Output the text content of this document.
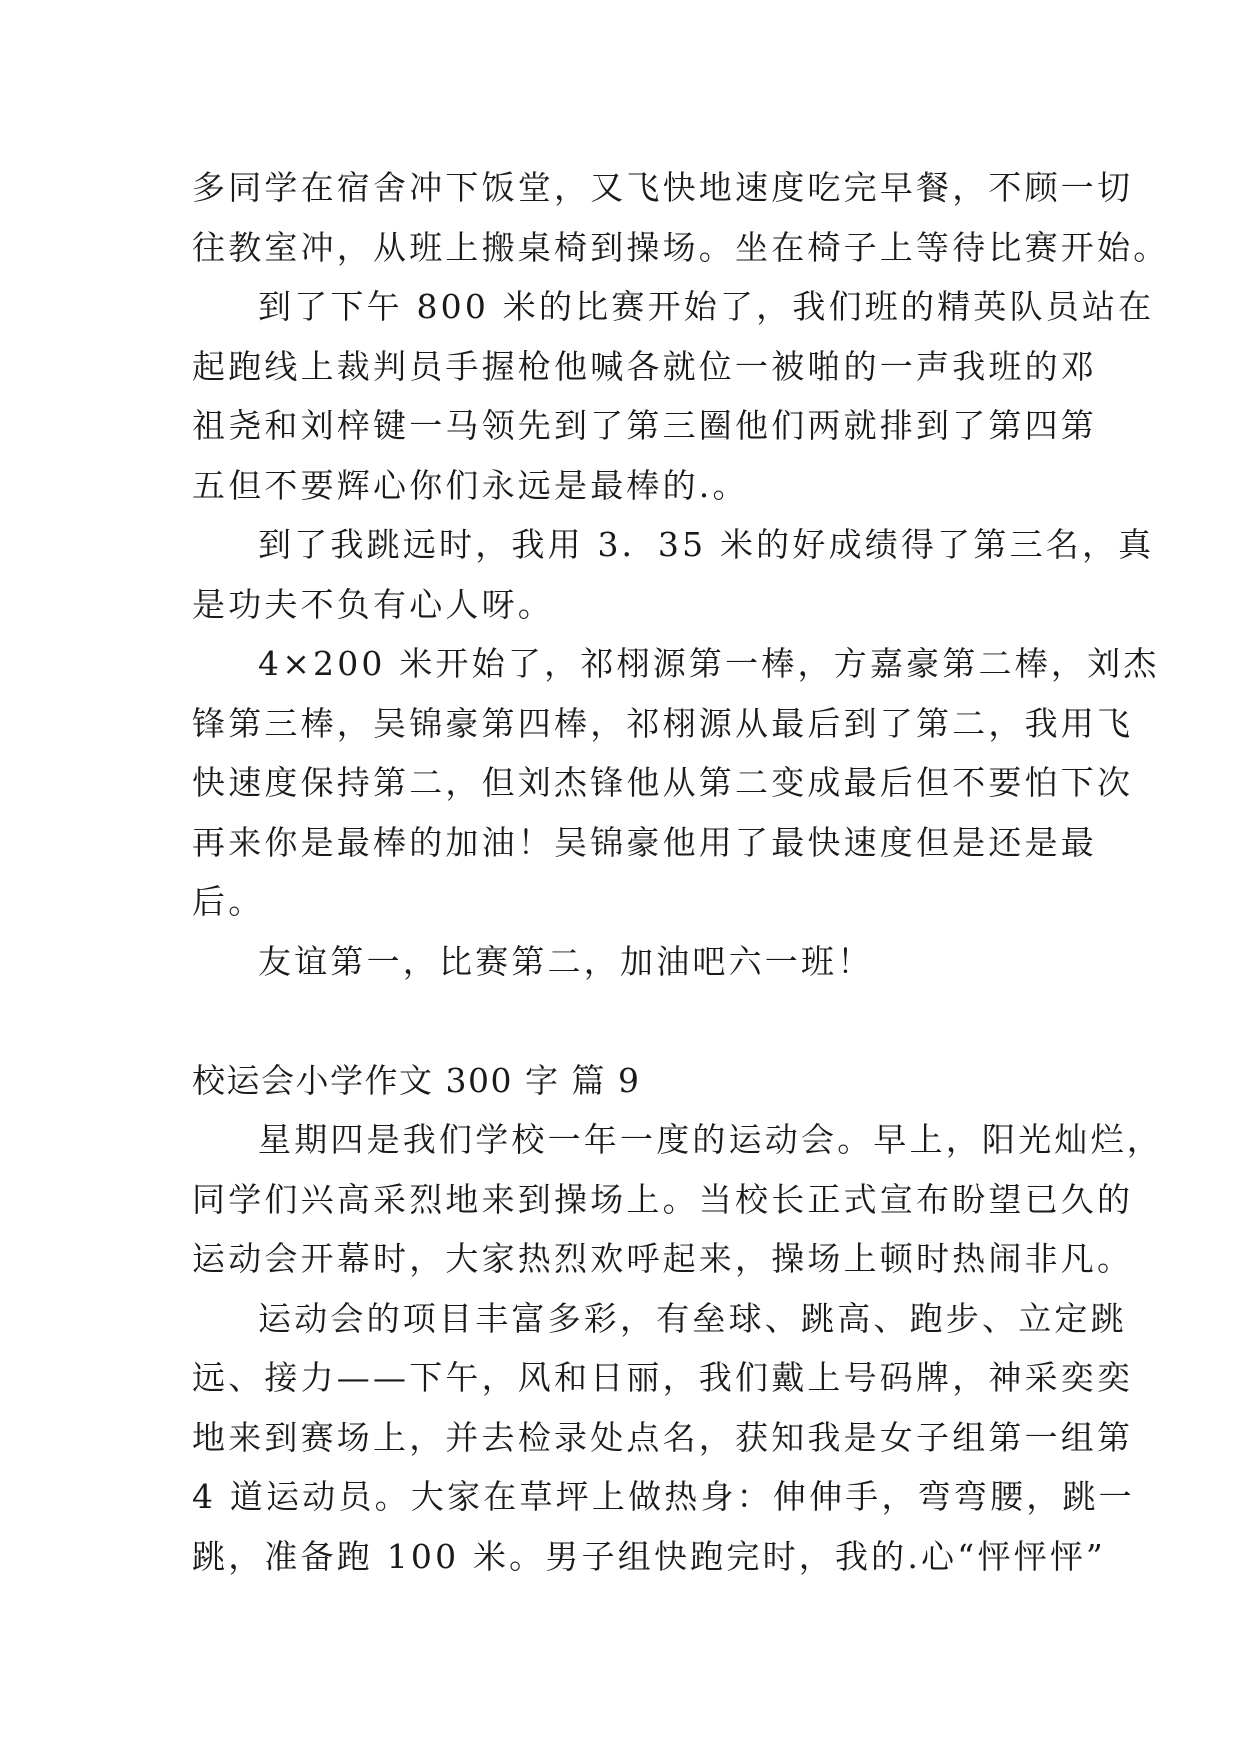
多同学在宿舍冲下饭堂，又飞快地速度吃完早餐，不顾一切
往教室冲，从班上搬桌椅到操场。坐在椅子上等待比赛开始。
到了下午 800 米的比赛开始了，我们班的精英队员站在
起跑线上裁判员手握枪他喊各就位一被啪的一声我班的邓
祖尧和刘梓键一马领先到了第三圈他们两就排到了第四第
五但不要辉心你们永远是最棒的.。
到了我跳远时，我用 3．35 米的好成绩得了第三名，真
是功夫不负有心人呀。
4×200 米开始了，祁栩源第一棒，方嘉豪第二棒，刘杰
锋第三棒，吴锦豪第四棒，祁栩源从最后到了第二，我用飞
快速度保持第二，但刘杰锋他从第二变成最后但不要怕下次
再来你是最棒的加油！吴锦豪他用了最快速度但是还是最
后。
友谊第一，比赛第二，加油吧六一班！
校运会小学作文 300 字 篇 9
星期四是我们学校一年一度的运动会。早上，阳光灿烂，
同学们兴高采烈地来到操场上。当校长正式宣布盼望已久的
运动会开幕时，大家热烈欢呼起来，操场上顿时热闹非凡。
运动会的项目丰富多彩，有垒球、跳高、跑步、立定跳
远、接力——下午，风和日丽，我们戴上号码牌，神采奕奕
地来到赛场上，并去检录处点名，获知我是女子组第一组第
4 道运动员。大家在草坪上做热身：伸伸手，弯弯腰，跳一
跳，准备跑 100 米。男子组快跑完时，我的.心“怦怦怦”
